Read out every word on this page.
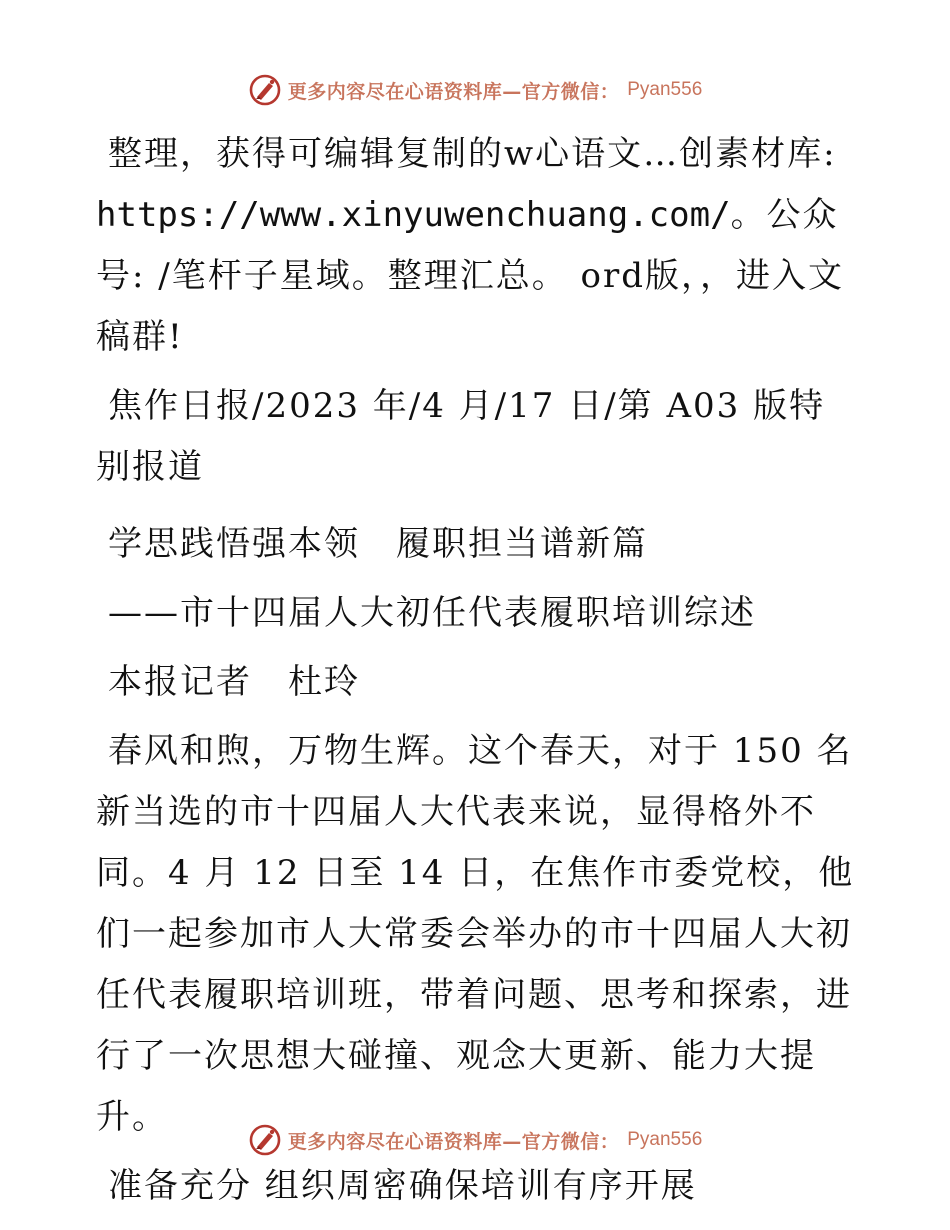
更多内容尽在心语资料库—官方微信： Pyan556

整理，获得可编辑复制的w心语文…创素材库:https://www.xinyuwenchuang.com/。公众号: /笔杆子星域。整理汇总。 ord版，，进入文稿群!

焦作日报/2023 年/4 月/17 日/第 A03 版特别报道

学思践悟强本领　履职担当谱新篇

——市十四届人大初任代表履职培训综述

本报记者　杜玲

春风和煦，万物生辉。这个春天，对于 150 名新当选的市十四届人大代表来说，显得格外不同。4 月 12 日至 14 日，在焦作市委党校，他们一起参加市人大常委会举办的市十四届人大初任代表履职培训班，带着问题、思考和探索，进行了一次思想大碰撞、观念大更新、能力大提升。

准备充分 组织周密确保培训有序开展

更多内容尽在心语资料库—官方微信： Pyan556
